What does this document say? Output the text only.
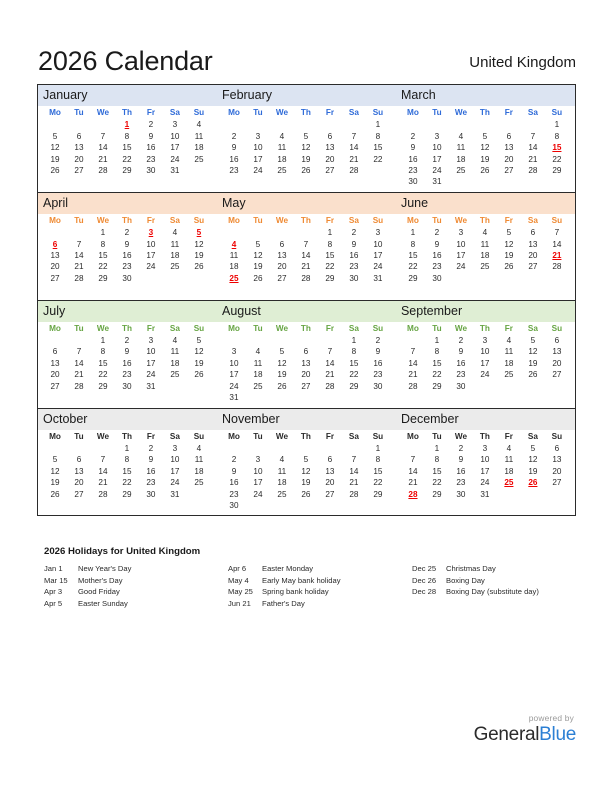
2026 Calendar	United Kingdom
January
Mo	Tu	We	Th	Fr	Sa	Su
			1	2	3	4
5	6	7	8	9	10	11
12	13	14	15	16	17	18
19	20	21	22	23	24	25
26	27	28	29	30	31	

February
Mo	Tu	We	Th	Fr	Sa	Su
						1
2	3	4	5	6	7	8
9	10	11	12	13	14	15
16	17	18	19	20	21	22
23	24	25	26	27	28	

March
Mo	Tu	We	Th	Fr	Sa	Su
						1
2	3	4	5	6	7	8
9	10	11	12	13	14	15
16	17	18	19	20	21	22
23	24	25	26	27	28	29
30	31					
April
Mo	Tu	We	Th	Fr	Sa	Su
		1	2	3	4	5
6	7	8	9	10	11	12
13	14	15	16	17	18	19
20	21	22	23	24	25	26
27	28	29	30			

May
Mo	Tu	We	Th	Fr	Sa	Su
				1	2	3
4	5	6	7	8	9	10
11	12	13	14	15	16	17
18	19	20	21	22	23	24
25	26	27	28	29	30	31

June
Mo	Tu	We	Th	Fr	Sa	Su
1	2	3	4	5	6	7
8	9	10	11	12	13	14
15	16	17	18	19	20	21
22	23	24	25	26	27	28
29	30					

July
Mo	Tu	We	Th	Fr	Sa	Su
		1	2	3	4	5
6	7	8	9	10	11	12
13	14	15	16	17	18	19
20	21	22	23	24	25	26
27	28	29	30	31		

August
Mo	Tu	We	Th	Fr	Sa	Su
					1	2
3	4	5	6	7	8	9
10	11	12	13	14	15	16
17	18	19	20	21	22	23
24	25	26	27	28	29	30
31						
September
Mo	Tu	We	Th	Fr	Sa	Su
	1	2	3	4	5	6
7	8	9	10	11	12	13
14	15	16	17	18	19	20
21	22	23	24	25	26	27
28	29	30				

October
Mo	Tu	We	Th	Fr	Sa	Su
			1	2	3	4
5	6	7	8	9	10	11
12	13	14	15	16	17	18
19	20	21	22	23	24	25
26	27	28	29	30	31	

November
Mo	Tu	We	Th	Fr	Sa	Su
						1
2	3	4	5	6	7	8
9	10	11	12	13	14	15
16	17	18	19	20	21	22
23	24	25	26	27	28	29
30						
December
Mo	Tu	We	Th	Fr	Sa	Su
	1	2	3	4	5	6
7	8	9	10	11	12	13
14	15	16	17	18	19	20
21	22	23	24	25	26	27
28	29	30	31			

2026 Holidays for United Kingdom
Jan 1	New Year's Day
Mar 15	Mother's Day
Apr 3	Good Friday
Apr 5	Easter Sunday
Apr 6	Easter Monday
May 4	Early May bank holiday
May 25	Spring bank holiday
Jun 21	Father's Day
Dec 25	Christmas Day
Dec 26	Boxing Day
Dec 28	Boxing Day (substitute day)
powered by
GeneralBlue
